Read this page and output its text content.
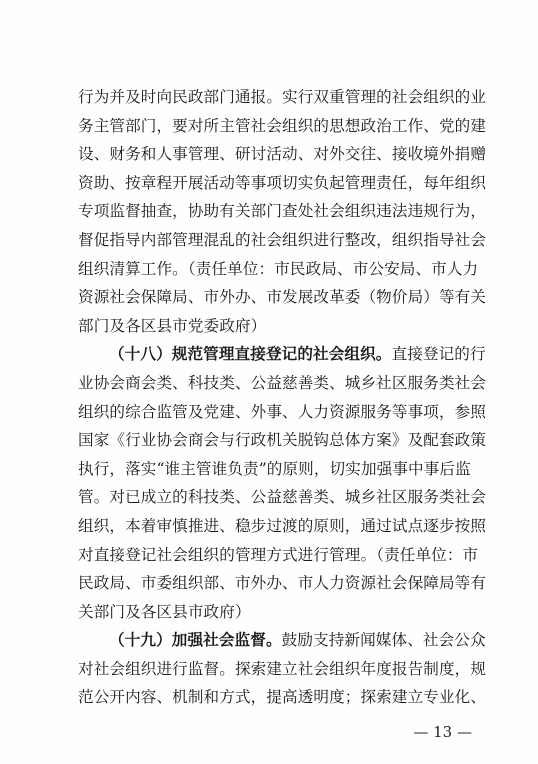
行为并及时向民政部门通报。实行双重管理的社会组织的业
务主管部门，要对所主管社会组织的思想政治工作、党的建
设、财务和人事管理、研讨活动、对外交往、接收境外捐赠
资助、按章程开展活动等事项切实负起管理责任，每年组织
专项监督抽查，协助有关部门查处社会组织违法违规行为，
督促指导内部管理混乱的社会组织进行整改，组织指导社会
组织清算工作。（责任单位：市民政局、市公安局、市人力
资源社会保障局、市外办、市发展改革委（物价局）等有关
部门及各区县市党委政府）
（十八）规范管理直接登记的社会组织。直接登记的行
业协会商会类、科技类、公益慈善类、城乡社区服务类社会
组织的综合监管及党建、外事、人力资源服务等事项，参照
国家《行业协会商会与行政机关脱钩总体方案》及配套政策
执行，落实“谁主管谁负责”的原则，切实加强事中事后监
管。对已成立的科技类、公益慈善类、城乡社区服务类社会
组织，本着审慎推进、稳步过渡的原则，通过试点逐步按照
对直接登记社会组织的管理方式进行管理。（责任单位：市
民政局、市委组织部、市外办、市人力资源社会保障局等有
关部门及各区县市政府）
（十九）加强社会监督。鼓励支持新闻媒体、社会公众
对社会组织进行监督。探索建立社会组织年度报告制度，规
范公开内容、机制和方式，提高透明度；探索建立专业化、
— 13 —
